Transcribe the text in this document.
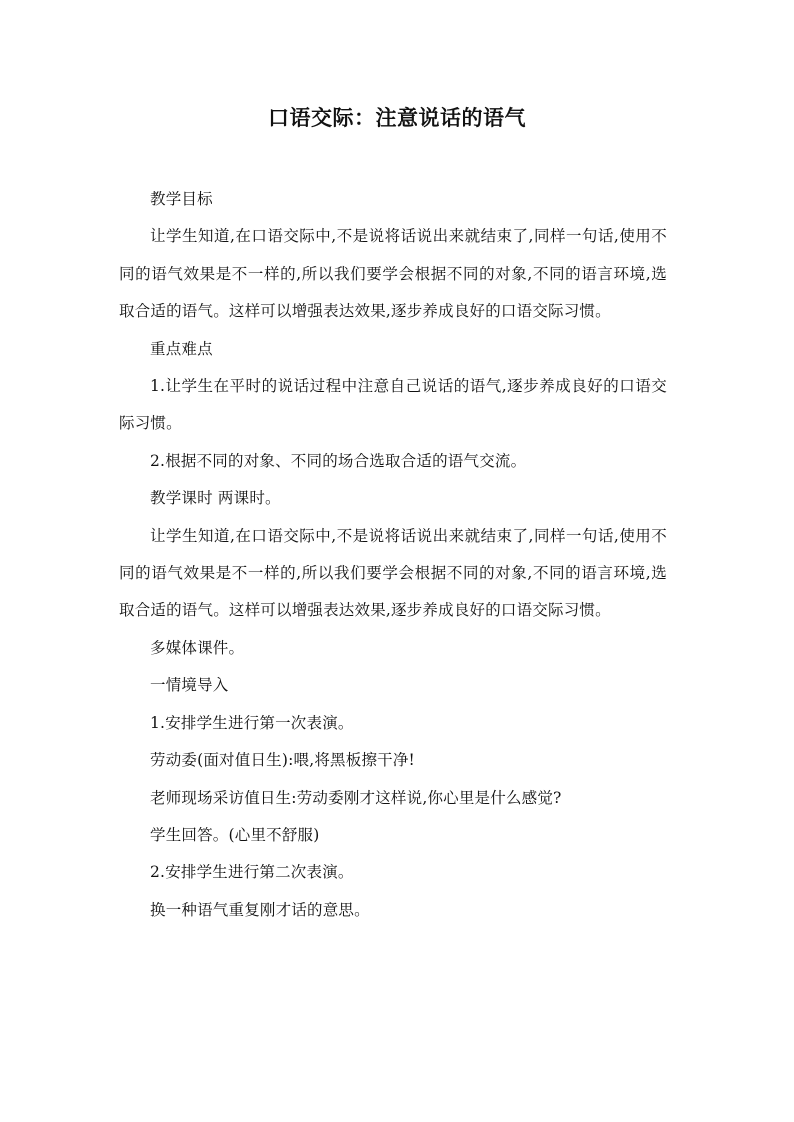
口语交际：注意说话的语气

教学目标

让学生知道,在口语交际中,不是说将话说出来就结束了,同样一句话,使用不同的语气效果是不一样的,所以我们要学会根据不同的对象,不同的语言环境,选取合适的语气。这样可以增强表达效果,逐步养成良好的口语交际习惯。

重点难点

1.让学生在平时的说话过程中注意自己说话的语气,逐步养成良好的口语交际习惯。

2.根据不同的对象、不同的场合选取合适的语气交流。

教学课时 两课时。

让学生知道,在口语交际中,不是说将话说出来就结束了,同样一句话,使用不同的语气效果是不一样的,所以我们要学会根据不同的对象,不同的语言环境,选取合适的语气。这样可以增强表达效果,逐步养成良好的口语交际习惯。

多媒体课件。

一情境导入

1.安排学生进行第一次表演。

劳动委(面对值日生):喂,将黑板擦干净!

老师现场采访值日生:劳动委刚才这样说,你心里是什么感觉?

学生回答。(心里不舒服)

2.安排学生进行第二次表演。

换一种语气重复刚才话的意思。
